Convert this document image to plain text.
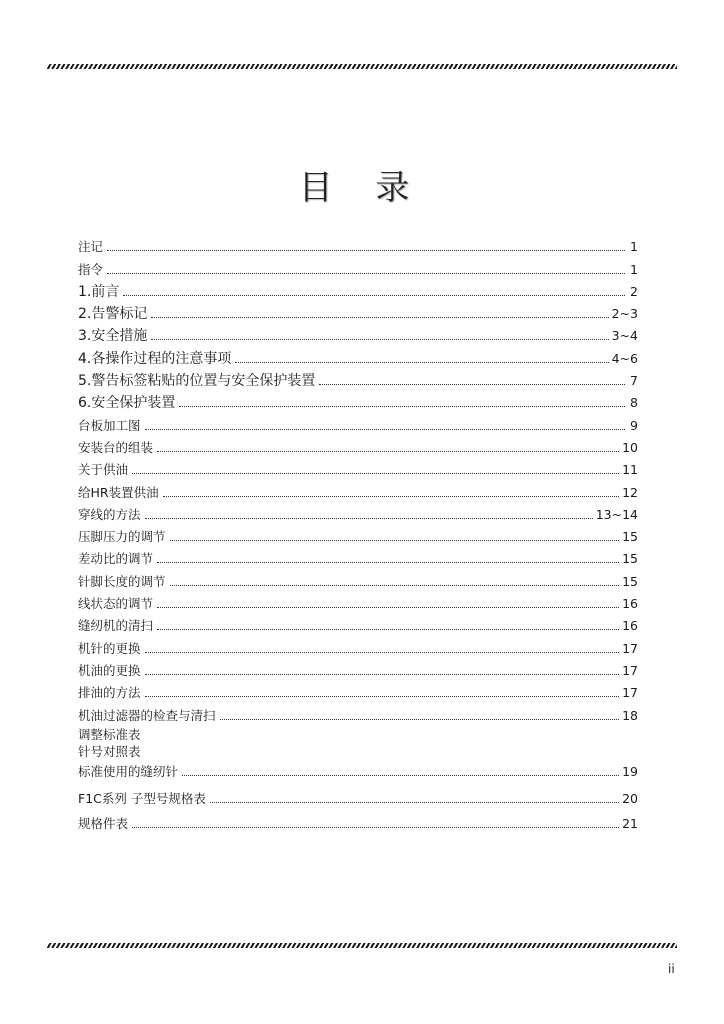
目 录
注记	1
指令	1
1.前言	2
2.告警标记	2~3
3.安全措施	3~4
4.各操作过程的注意事项	4~6
5.警告标签粘贴的位置与安全保护装置	7
6.安全保护装置	8
台板加工图	9
安装台的组装	10
关于供油	11
给HR装置供油	12
穿线的方法	13~14
压脚压力的调节	15
差动比的调节	15
针脚长度的调节	15
线状态的调节	16
缝纫机的清扫	16
机针的更换	17
机油的更换	17
排油的方法	17
机油过滤器的检查与清扫	18
调整标准表
针号对照表
标准使用的缝纫针	19
F1C系列 子型号规格表	20
规格件表	21
ii
